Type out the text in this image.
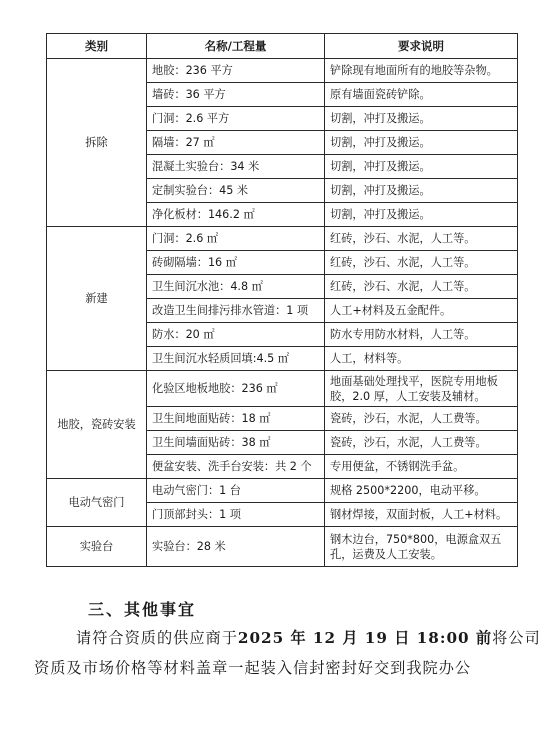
类别	名称/工程量	要求说明
拆除	地胶：236 平方	铲除现有地面所有的地胶等杂物。
	墙砖：36 平方	原有墙面瓷砖铲除。
	门洞：2.6 平方	切割，冲打及搬运。
	隔墙：27 ㎡	切割，冲打及搬运。
	混凝土实验台：34 米	切割，冲打及搬运。
	定制实验台：45 米	切割，冲打及搬运。
	净化板材：146.2 ㎡	切割，冲打及搬运。
新建	门洞：2.6 ㎡	红砖，沙石、水泥，人工等。
	砖砌隔墙：16 ㎡	红砖，沙石、水泥，人工等。
	卫生间沉水池：4.8 ㎡	红砖，沙石、水泥，人工等。
	改造卫生间排污排水管道：1 项	人工+材料及五金配件。
	防水：20 ㎡	防水专用防水材料，人工等。
	卫生间沉水轻质回填:4.5 ㎡	人工，材料等。
地胶，瓷砖安装	化验区地板地胶：236 ㎡	地面基础处理找平，医院专用地板胶，2.0 厚，人工安装及辅材。
	卫生间地面贴砖：18 ㎡	瓷砖，沙石，水泥，人工费等。
	卫生间墙面贴砖：38 ㎡	瓷砖，沙石，水泥，人工费等。
	便盆安装、洗手台安装：共 2 个	专用便盆，不锈钢洗手盆。
电动气密门	电动气密门：1 台	规格 2500*2200，电动平移。
	门顶部封头：1 项	钢材焊接，双面封板，人工+材料。
实验台	实验台：28 米	钢木边台，750*800，电源盒双五孔，运费及人工安装。
三、其他事宜
请符合资质的供应商于2025 年 12 月 19 日 18:00 前将公司
资质及市场价格等材料盖章一起装入信封密封好交到我院办公
